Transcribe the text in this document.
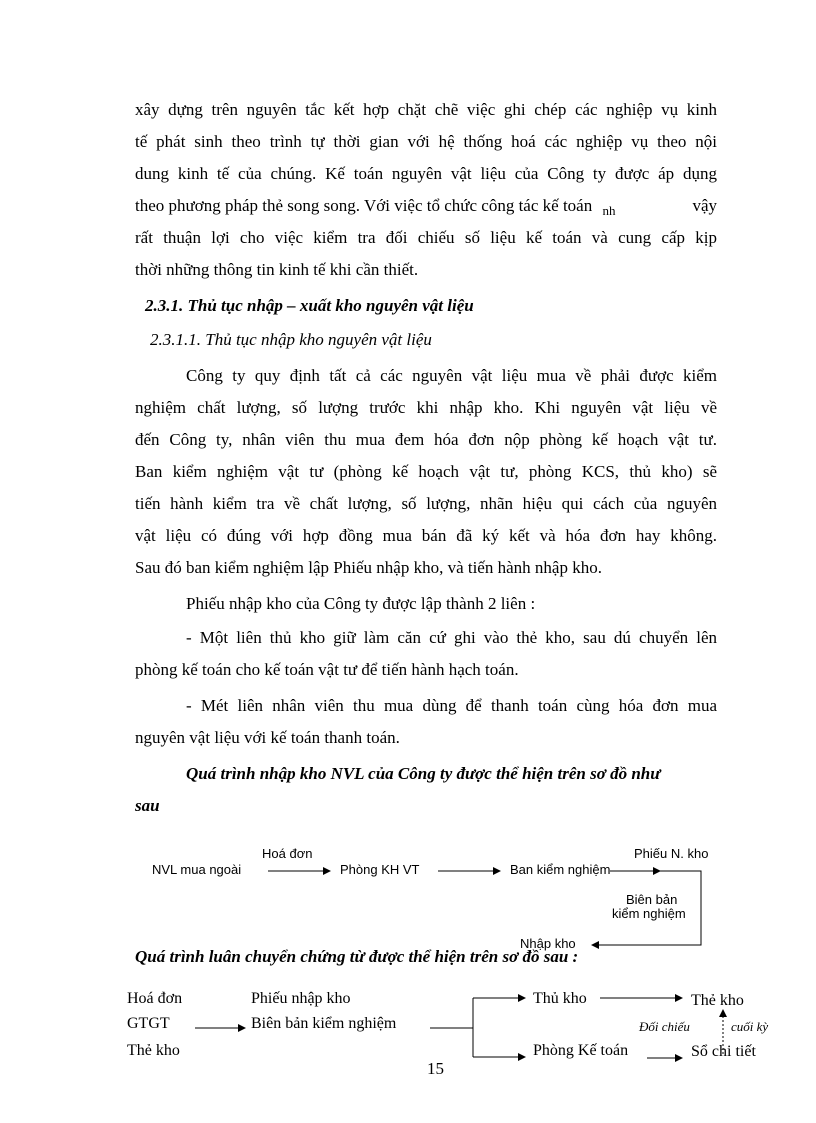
xây dựng trên nguyên tắc kết hợp chặt chẽ việc ghi chép các nghiệp vụ kinh
tế phát sinh theo trình tự thời gian với hệ thống hoá các nghiệp vụ theo nội
dung kinh tế của chúng. Kế toán nguyên vật liệu của Công ty được áp dụng
theo phương pháp thẻ song song. Với việc tổ chức công tác kế toán $_{nh}$	vậy
rất thuận lợi cho việc kiểm tra đối chiếu số liệu kế toán và cung cấp kịp
thời những thông tin kinh tế khi cần thiết.
2.3.1. Thủ tục nhập – xuất kho nguyên vật liệu
2.3.1.1. Thủ tục nhập kho nguyên vật liệu
Công ty quy định tất cả các nguyên vật liệu mua về phải được kiểm
nghiệm chất lượng, số lượng trước khi nhập kho. Khi nguyên vật liệu về
đến Công ty, nhân viên thu mua đem hóa đơn nộp phòng kế hoạch vật tư.
Ban kiểm nghiệm vật tư (phòng kế hoạch vật tư, phòng KCS, thủ kho) sẽ
tiến hành kiểm tra về chất lượng, số lượng, nhãn hiệu qui cách của nguyên
vật liệu có đúng với hợp đồng mua bán đã ký kết và hóa đơn hay không.
Sau đó ban kiểm nghiệm lập Phiếu nhập kho, và tiến hành nhập kho.
Phiếu nhập kho của Công ty được lập thành 2 liên :
- Một liên thủ kho giữ làm căn cứ ghi vào thẻ kho, sau dú chuyển lên
phòng kế toán cho kế toán vật tư để tiến hành hạch toán.
- Mét liên nhân viên thu mua dùng để thanh toán cùng hóa đơn mua
nguyên vật liệu với kế toán thanh toán.
Quá trình nhập kho NVL của Công ty được thể hiện trên sơ đồ như
sau
NVL mua ngoài
Hoá đơn
Phòng KH VT	Ban kiểm nghiệm
Phiếu N. kho
Biên bản
kiểm nghiệm
Nhập kho
Quá trình luân chuyển chứng từ được thể hiện trên sơ đồ sau :
Hoá đơn
GTGT
Thẻ kho
Phiếu nhập kho
Biên bản kiểm nghiệm
Thủ kho	Thẻ kho
Phòng Kế toán	Sổ chi tiết
Đối chiếu	cuối kỳ
15
